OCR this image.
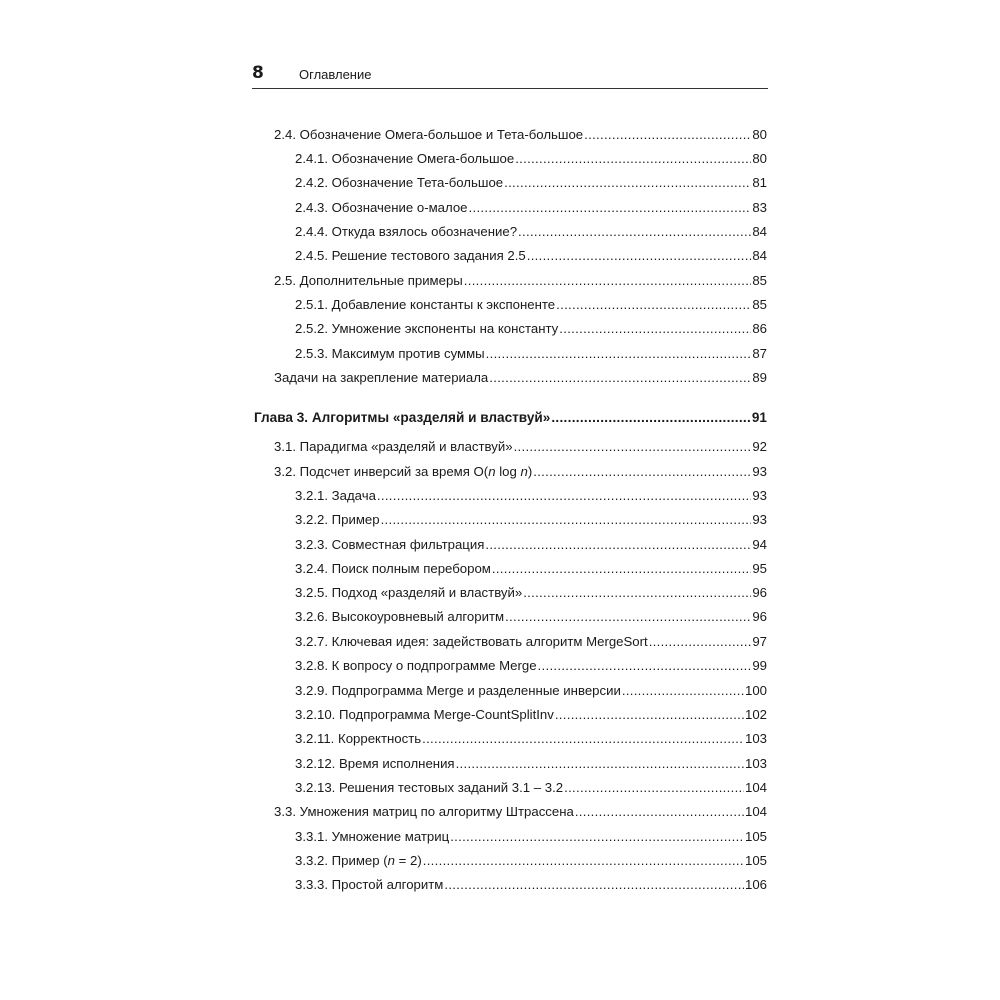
8	Оглавление
2.4. Обозначение Омега-большое и Тета-большое .....	80
2.4.1. Обозначение Омега-большое .....	80
2.4.2. Обозначение Тета-большое .....	81
2.4.3. Обозначение о-малое .....	83
2.4.4. Откуда взялось обозначение? .....	84
2.4.5. Решение тестового задания 2.5 .....	84
2.5. Дополнительные примеры .....	85
2.5.1. Добавление константы к экспоненте .....	85
2.5.2. Умножение экспоненты на константу .....	86
2.5.3. Максимум против суммы .....	87
Задачи на закрепление материала .....	89
Глава 3. Алгоритмы «разделяй и властвуй» .....	91
3.1. Парадигма «разделяй и властвуй» .....	92
3.2. Подсчет инверсий за время O(n log n) .....	93
3.2.1. Задача .....	93
3.2.2. Пример .....	93
3.2.3. Совместная фильтрация .....	94
3.2.4. Поиск полным перебором .....	95
3.2.5. Подход «разделяй и властвуй» .....	96
3.2.6. Высокоуровневый алгоритм .....	96
3.2.7. Ключевая идея: задействовать алгоритм MergeSort .....	97
3.2.8. К вопросу о подпрограмме Merge .....	99
3.2.9. Подпрограмма Merge и разделенные инверсии .....	100
3.2.10. Подпрограмма Merge-CountSplitInv .....	102
3.2.11. Корректность .....	103
3.2.12. Время исполнения .....	103
3.2.13. Решения тестовых заданий 3.1 – 3.2 .....	104
3.3. Умножения матриц по алгоритму Штрассена .....	104
3.3.1. Умножение матриц .....	105
3.3.2. Пример (n = 2) .....	105
3.3.3. Простой алгоритм .....	106
